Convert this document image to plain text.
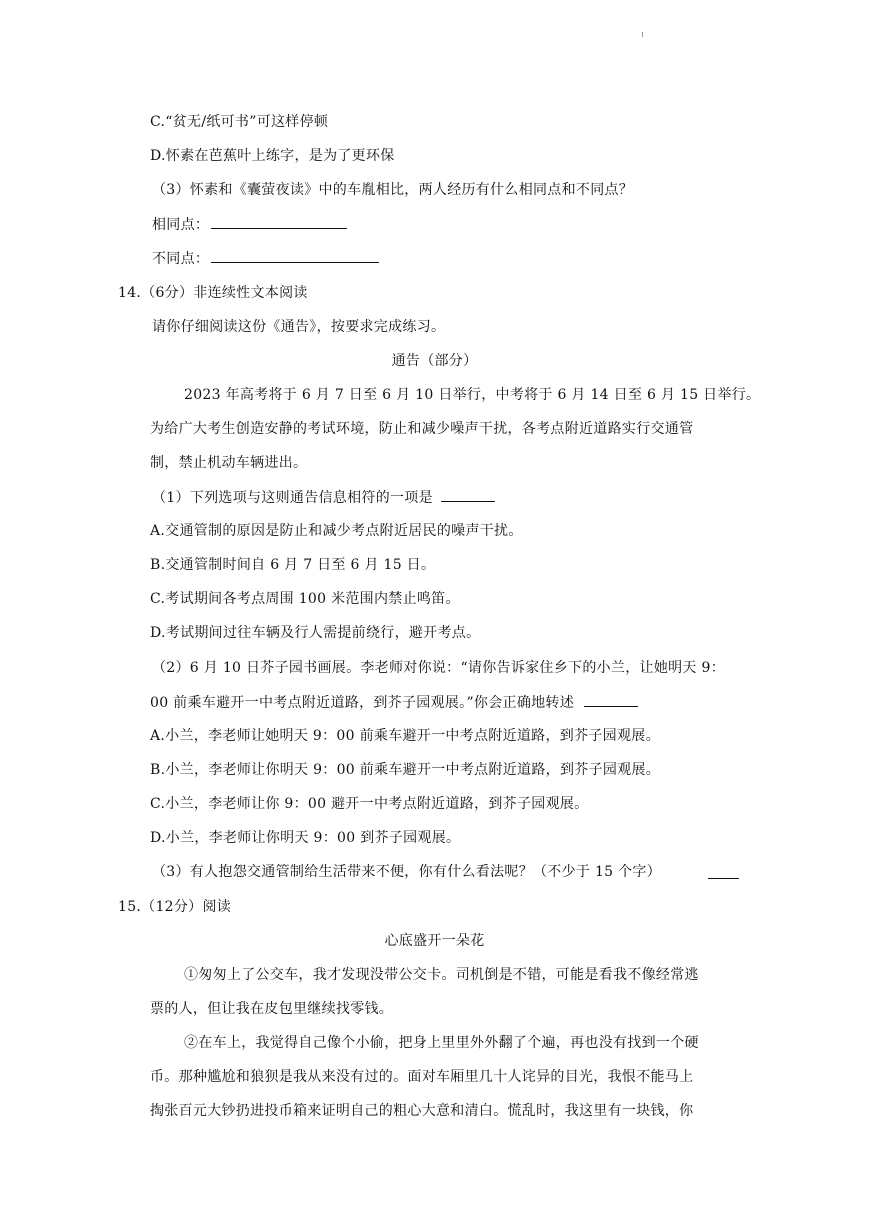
C.“贫无/纸可书”可这样停顿
D.怀素在芭蕉叶上练字，是为了更环保
（3）怀素和《囊萤夜读》中的车胤相比，两人经历有什么相同点和不同点？
相同点：
不同点：
14.（6分）非连续性文本阅读
请你仔细阅读这份《通告》，按要求完成练习。
通告（部分）
2023 年高考将于 6 月 7 日至 6 月 10 日举行，中考将于 6 月 14 日至 6 月 15 日举行。
为给广大考生创造安静的考试环境，防止和减少噪声干扰，各考点附近道路实行交通管
制，禁止机动车辆进出。
（1）下列选项与这则通告信息相符的一项是
A.交通管制的原因是防止和减少考点附近居民的噪声干扰。
B.交通管制时间自 6 月 7 日至 6 月 15 日。
C.考试期间各考点周围 100 米范围内禁止鸣笛。
D.考试期间过往车辆及行人需提前绕行，避开考点。
（2）6 月 10 日芥子园书画展。李老师对你说：“请你告诉家住乡下的小兰，让她明天 9：
00 前乘车避开一中考点附近道路，到芥子园观展。”你会正确地转述
A.小兰，李老师让她明天 9：00 前乘车避开一中考点附近道路，到芥子园观展。
B.小兰，李老师让你明天 9：00 前乘车避开一中考点附近道路，到芥子园观展。
C.小兰，李老师让你 9：00 避开一中考点附近道路，到芥子园观展。
D.小兰，李老师让你明天 9：00 到芥子园观展。
（3）有人抱怨交通管制给生活带来不便，你有什么看法呢？（不少于 15 个字）
15.（12分）阅读
心底盛开一朵花
①匆匆上了公交车，我才发现没带公交卡。司机倒是不错，可能是看我不像经常逃
票的人，但让我在皮包里继续找零钱。
②在车上，我觉得自己像个小偷，把身上里里外外翻了个遍，再也没有找到一个硬
币。那种尴尬和狼狈是我从来没有过的。面对车厢里几十人诧异的目光，我恨不能马上
掏张百元大钞扔进投币箱来证明自己的粗心大意和清白。慌乱时，我这里有一块钱，你
